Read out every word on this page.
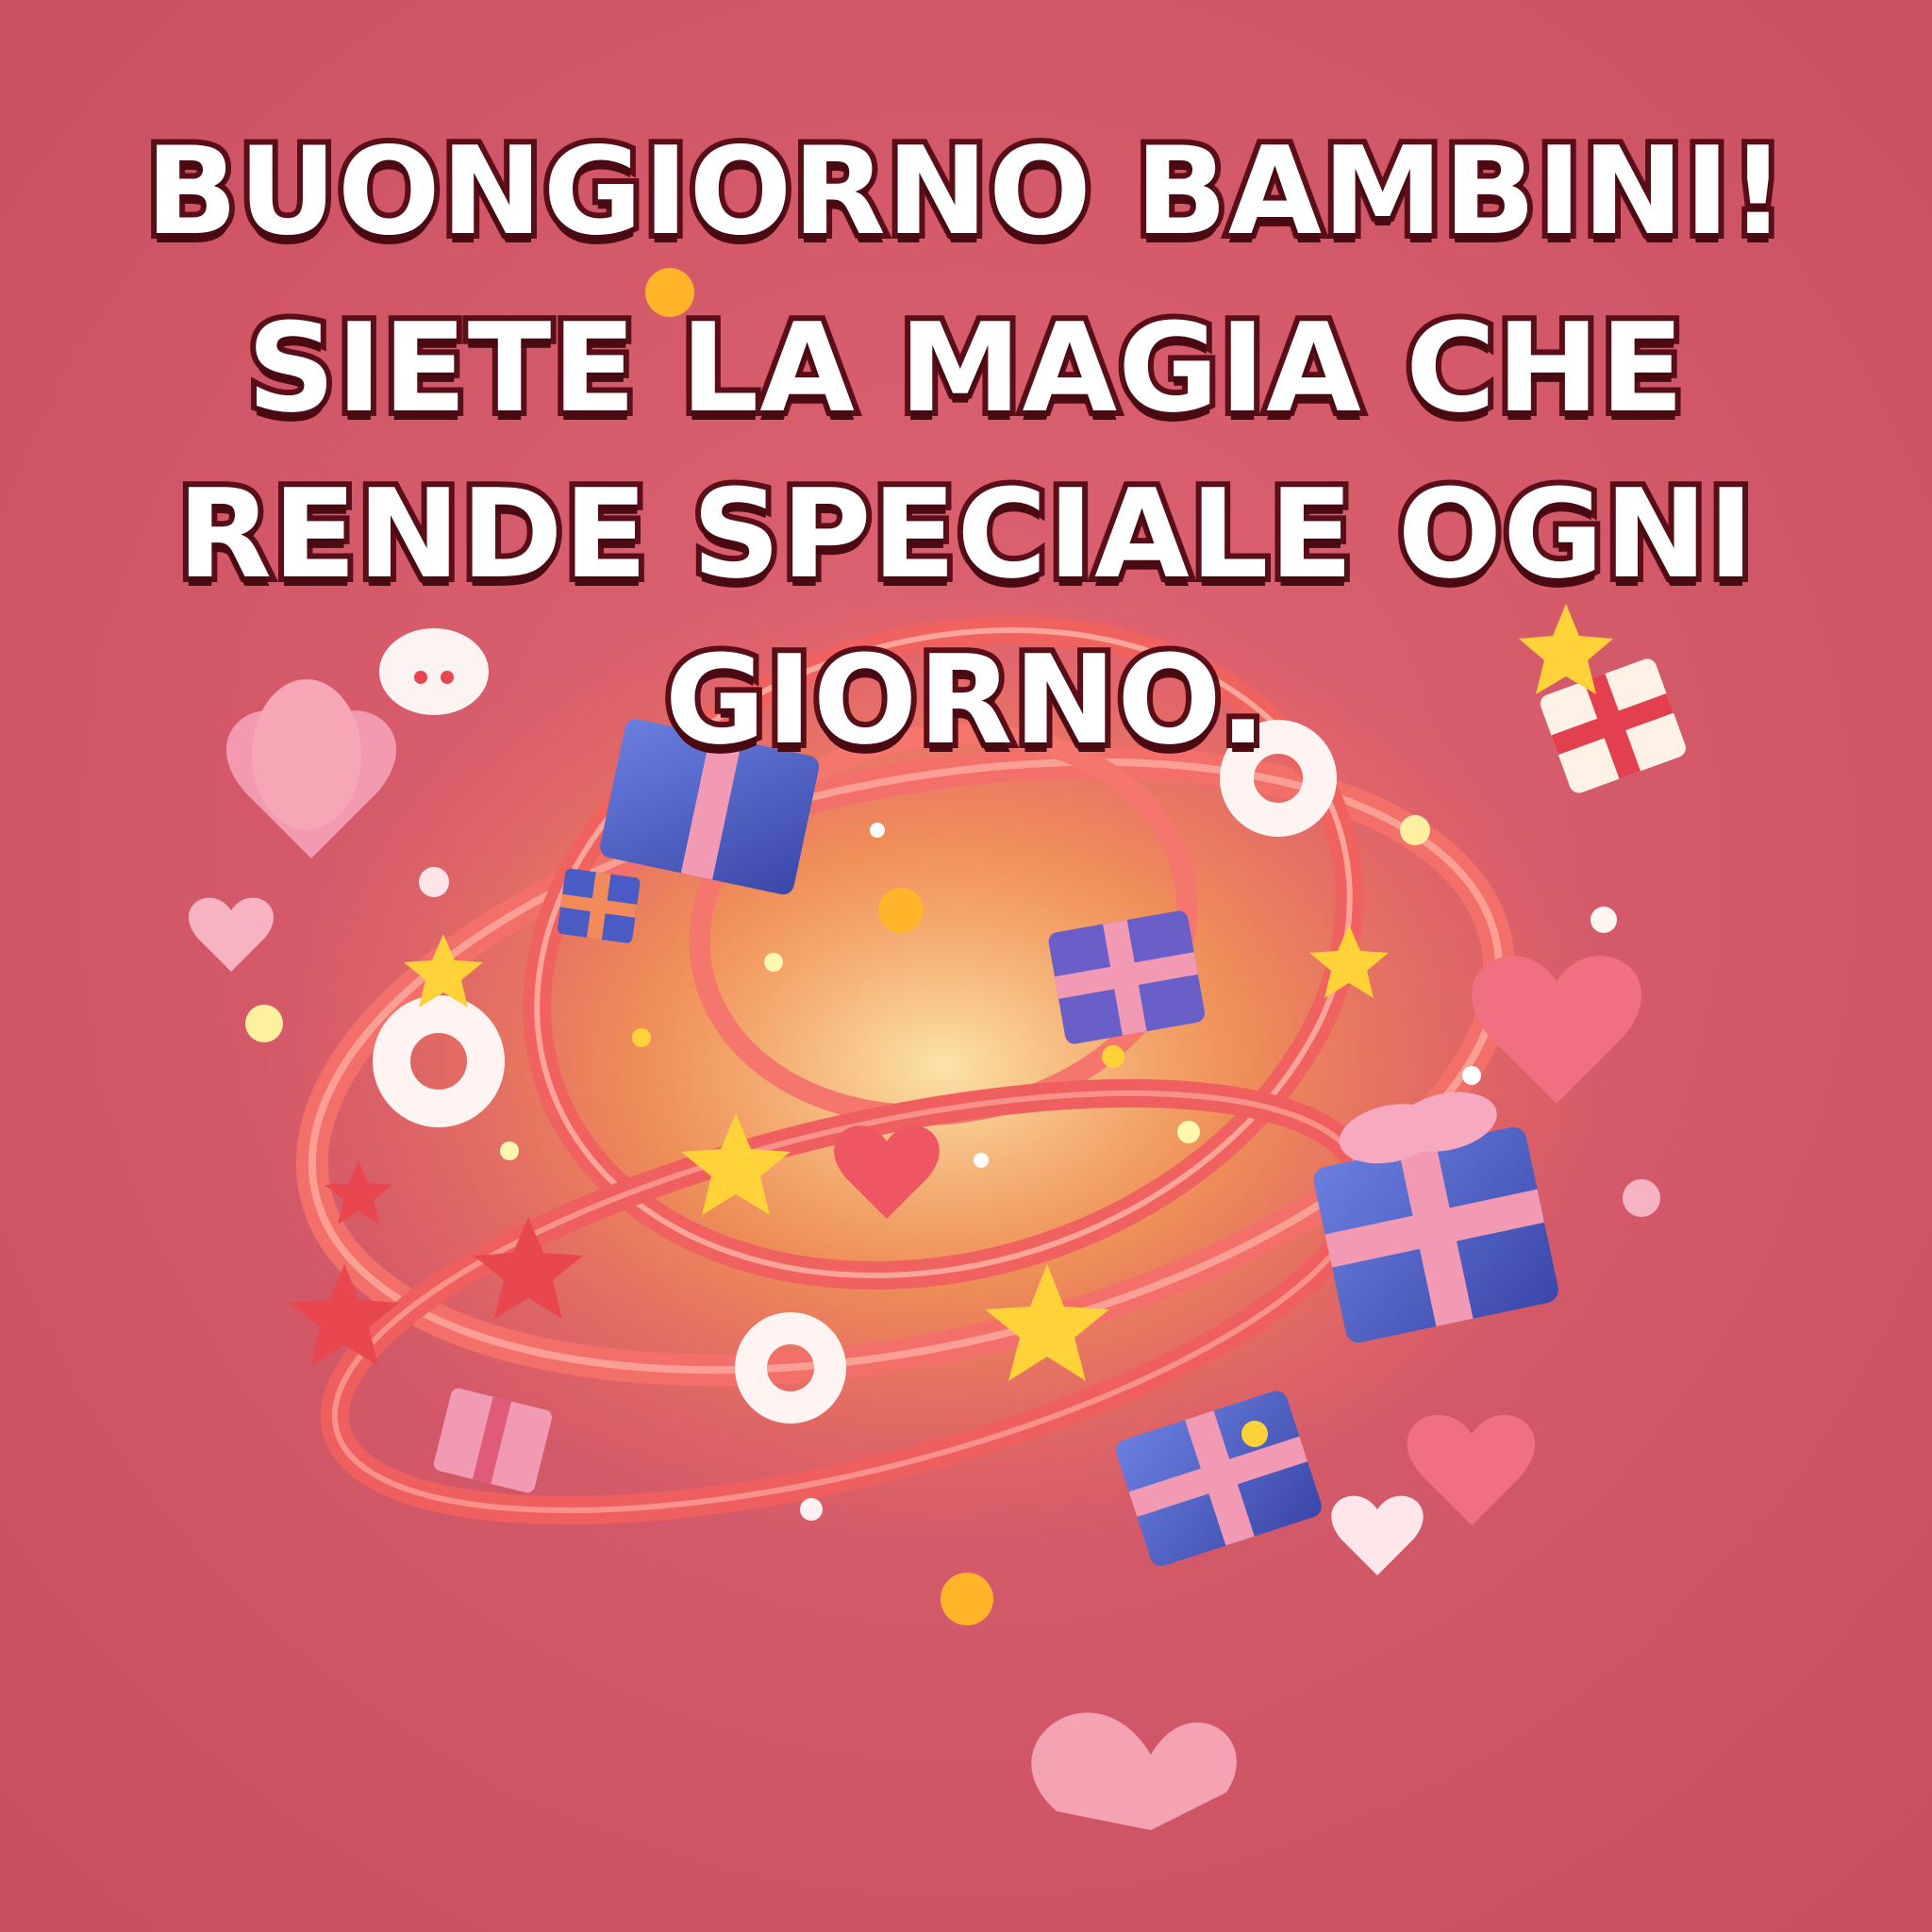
BUONGIORNO BAMBINI!
SIETE LA MAGIA CHE RENDE SPECIALE OGNI GIORNO.
